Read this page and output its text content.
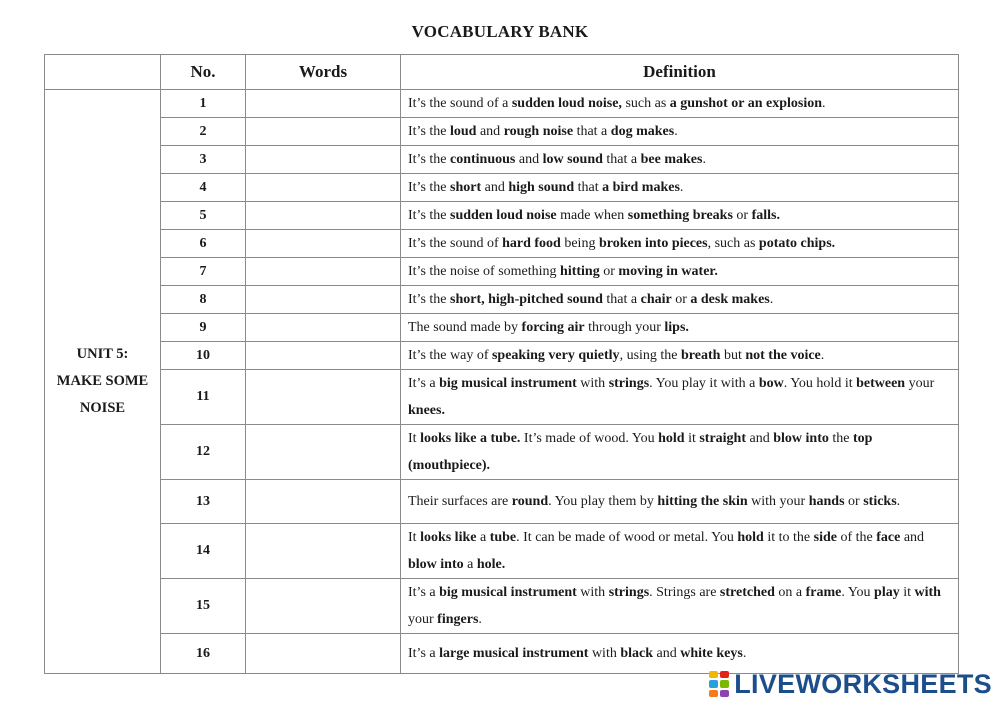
VOCABULARY BANK
	No.	Words	Definition

UNIT 5:
MAKE SOME
NOISE	1		It’s the sound of a sudden loud noise, such as a gunshot or an explosion.
	2		It’s the loud and rough noise that a dog makes.
	3		It’s the continuous and low sound that a bee makes.
	4		It’s the short and high sound that a bird makes.
	5		It’s the sudden loud noise made when something breaks or falls.
	6		It’s the sound of hard food being broken into pieces, such as potato chips.
	7		It’s the noise of something hitting or moving in water.
	8		It’s the short, high-pitched sound that a chair or a desk makes.
	9		The sound made by forcing air through your lips.
	10		It’s the way of speaking very quietly, using the breath but not the voice.
	11		It’s a big musical instrument with strings. You play it with a bow. You hold it between your knees.
	12		It looks like a tube. It’s made of wood. You hold it straight and blow into the top (mouthpiece).
	13		Their surfaces are round. You play them by hitting the skin with your hands or sticks.
	14		It looks like a tube. It can be made of wood or metal. You hold it to the side of the face and blow into a hole.
	15		It’s a big musical instrument with strings. Strings are stretched on a frame. You play it with your fingers.
	16		It’s a large musical instrument with black and white keys.
LIVEWORKSHEETS
